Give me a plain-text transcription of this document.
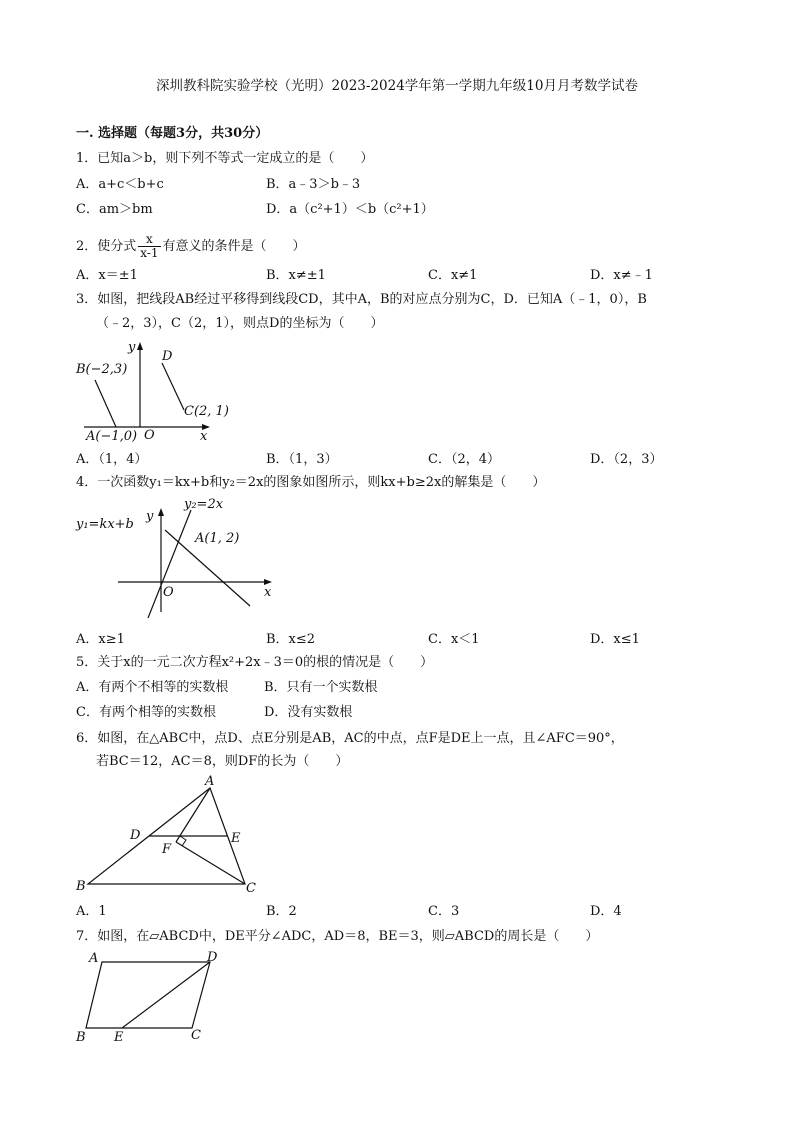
深圳教科院实验学校（光明）2023-2024学年第一学期九年级10月月考数学试卷
一. 选择题（每题3分，共30分）
1．已知a＞b，则下列不等式一定成立的是（　　）
A．a+c＜b+c	B．a﹣3＞b﹣3
C．am＞bm	D．a（c²+1）＜b（c²+1）
2．使分式 $\frac{x}{x-1}$ 有意义的条件是（　　）
A．x＝±1	B．x≠±1	C．x≠1	D．x≠﹣1
3．如图，把线段AB经过平移得到线段CD，其中A，B的对应点分别为C，D．已知A（﹣1，0），B
（﹣2，3），C（2，1），则点D的坐标为（　　）
B(−2,3)
D
C(2, 1)
A(−1,0) O	x
y
A．（1，4）	B．（1，3）	C．（2，4）	D．（2，3）
4．一次函数y₁＝kx+b和y₂＝2x的图象如图所示，则kx+b≥2x的解集是（　　）
y₂=2x
y₁=kx+b
A(1, 2)
O	x
y
A．x≥1	B．x≤2	C．x＜1	D．x≤1
5．关于x的一元二次方程x²+2x﹣3＝0的根的情况是（　　）
A．有两个不相等的实数根	B．只有一个实数根
C．有两个相等的实数根	D．没有实数根
6．如图，在△ABC中，点D、点E分别是AB，AC的中点，点F是DE上一点，且∠AFC＝90°，
若BC＝12，AC＝8，则DF的长为（　　）
A
B	C
D	E
F
A．1	B．2	C．3	D．4
7．如图，在▱ABCD中，DE平分∠ADC，AD＝8，BE＝3，则▱ABCD的周长是（　　）
A	D
B E	C
